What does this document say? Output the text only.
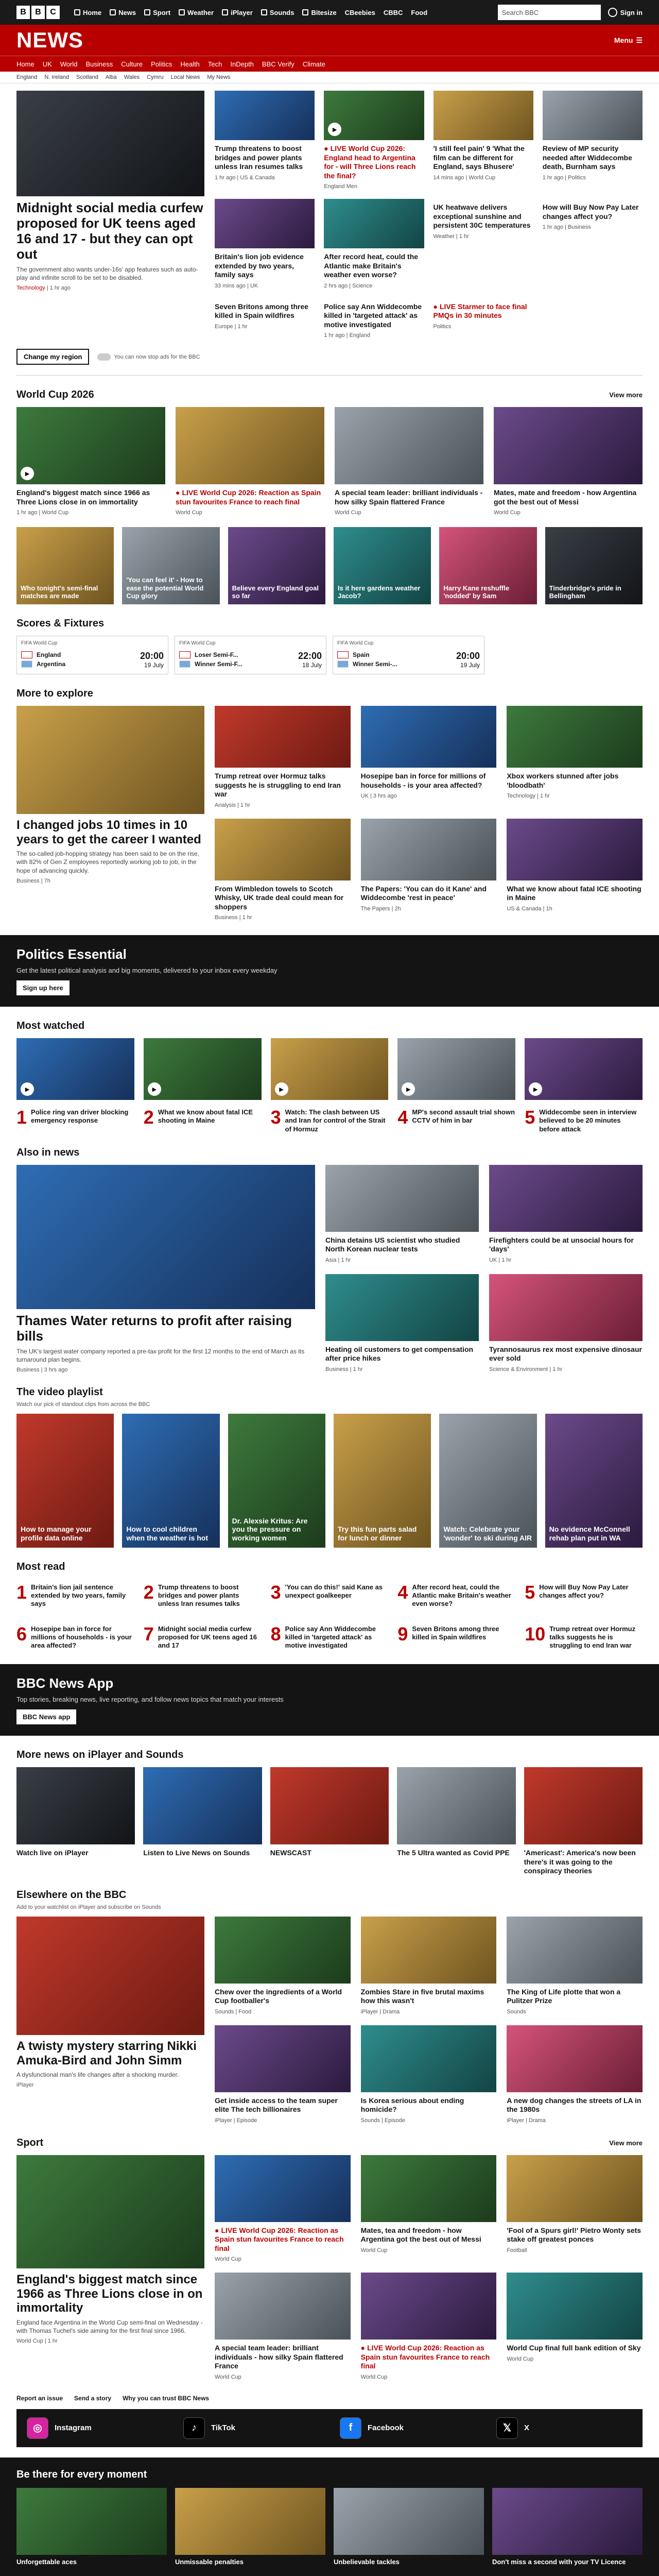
B	B	C	Home	News	Sport	Weather	iPlayer	Sounds	Bitesize CBeebies CBBC Food	Search BBC	Sign in
NEWS	Menu ☰
Home UK World Business Culture Politics Health Tech InDepth BBC Verify Climate
England N. Ireland Scotland Alba Wales Cymru Local News My News
Midnight social media curfew proposed for UK teens aged 16 and 17 - but they can opt out

The government also wants under-16s' app features such as auto-play and infinite scroll to be set to be disabled.

Technology | 1 hr ago

Trump threatens to boost bridges and power plants unless Iran resumes talks

1 hr ago | US & Canada

▶
● LIVE World Cup 2026: England head to Argentina for - will Three Lions reach the final?

England Men

'I still feel pain' 9 'What the film can be different for England, says Bhusere'

14 mins ago | World Cup

Review of MP security needed after Widdecombe death, Burnham says

1 hr ago | Politics

Britain's lion job evidence extended by two years, family says

33 mins ago | UK

After record heat, could the Atlantic make Britain's weather even worse?

2 hrs ago | Science

UK heatwave delivers exceptional sunshine and persistent 30C temperatures

Weather | 1 hr

How will Buy Now Pay Later changes affect you?

1 hr ago | Business

Seven Britons among three killed in Spain wildfires

Europe | 1 hr

Police say Ann Widdecombe killed in 'targeted attack' as motive investigated

1 hr ago | England

● LIVE Starmer to face final PMQs in 30 minutes

Politics

Change my region	You can now stop ads for the BBC
World Cup 2026	View more
▶
England's biggest match since 1966 as Three Lions close in on immortality

1 hr ago | World Cup

● LIVE World Cup 2026: Reaction as Spain stun favourites France to reach final

World Cup

A special team leader: brilliant individuals - how silky Spain flattered France

World Cup

Mates, mate and freedom - how Argentina got the best out of Messi

World Cup

Who tonight's semi-final matches are made
'You can feel it' - How to ease the potential World Cup glory
Believe every England goal so far
Is it here gardens weather Jacob?
Harry Kane reshuffle 'nodded' by Sam
Tinderbridge's pride in Bellingham
Scores & Fixtures
FIFA World Cup
England
Argentina
20:00
19 July
FIFA World Cup
Loser Semi-F...
Winner Semi-F...
22:00
18 July
FIFA World Cup
Spain
Winner Semi-...
20:00
19 July
More to explore
I changed jobs 10 times in 10 years to get the career I wanted

The so-called job-hopping strategy has been said to be on the rise, with 82% of Gen Z employees reportedly working job to job, in the hope of advancing quickly.

Business | 7h

Trump retreat over Hormuz talks suggests he is struggling to end Iran war

Analysis | 1 hr

Hosepipe ban in force for millions of households - is your area affected?

UK | 3 hrs ago

Xbox workers stunned after jobs 'bloodbath'

Technology | 1 hr

From Wimbledon towels to Scotch Whisky, UK trade deal could mean for shoppers

Business | 1 hr

The Papers: 'You can do it Kane' and Widdecombe 'rest in peace'

The Papers | 2h

What we know about fatal ICE shooting in Maine

US & Canada | 1h

Politics Essential
Get the latest political analysis and big moments, delivered to your inbox every weekday
Sign up here
Most watched
▶
1 Police ring van driver blocking emergency response
▶
2 What we know about fatal ICE shooting in Maine
▶
3 Watch: The clash between US and Iran for control of the Strait of Hormuz
▶
4 MP's second assault trial shown CCTV of him in bar
▶
5 Widdecombe seen in interview believed to be 20 minutes before attack
Also in news
Thames Water returns to profit after raising bills

The UK's largest water company reported a pre-tax profit for the first 12 months to the end of March as its turnaround plan begins.

Business | 3 hrs ago

China detains US scientist who studied North Korean nuclear tests

Asia | 1 hr

Firefighters could be at unsocial hours for 'days'

UK | 1 hr

Heating oil customers to get compensation after price hikes

Business | 1 hr

Tyrannosaurus rex most expensive dinosaur ever sold

Science & Environment | 1 hr

The video playlist
Watch our pick of standout clips from across the BBC
How to manage your profile data online
How to cool children when the weather is hot
Dr. Alexsie Kritus: Are you the pressure on working women
Try this fun parts salad for lunch or dinner
Watch: Celebrate your 'wonder' to ski during AIR
No evidence McConnell rehab plan put in WA
Most read
1 Britain's lion jail sentence extended by two years, family says
2 Trump threatens to boost bridges and power plants unless Iran resumes talks
3 'You can do this!' said Kane as unexpect goalkeeper	4 After record heat, could the Atlantic make Britain's weather even worse?
5 How will Buy Now Pay Later changes affect you?
6 Hosepipe ban in force for millions of households - is your area affected?
7 Midnight social media curfew proposed for UK teens aged 16 and 17
8 Police say Ann Widdecombe killed in 'targeted attack' as motive investigated
9 Seven Britons among three killed in Spain wildfires	10 Trump retreat over Hormuz talks suggests he is struggling to end Iran war
BBC News App
Top stories, breaking news, live reporting, and follow news topics that match your interests
BBC News app
More news on iPlayer and Sounds
Watch live on iPlayer	Listen to Live News on Sounds	NEWSCAST	The 5 Ultra wanted as Covid PPE	'Americast': America's now been there's it was going to the conspiracy theories
Elsewhere on the BBC
Add to your watchlist on iPlayer and subscribe on Sounds
A twisty mystery starring Nikki Amuka-Bird and John Simm

A dysfunctional man's life changes after a shocking murder.

iPlayer

Chew over the ingredients of a World Cup footballer's

Sounds | Food

Zombies Stare in five brutal maxims how this wasn't

iPlayer | Drama

The King of Life plotte that won a Pulitzer Prize

Sounds

Get inside access to the team super elite The tech billionaires

iPlayer | Episode

Is Korea serious about ending homicide?

Sounds | Episode

A new dog changes the streets of LA in the 1980s

iPlayer | Drama

Sport	View more
England's biggest match since 1966 as Three Lions close in on immortality

England face Argentina in the World Cup semi-final on Wednesday - with Thomas Tuchel's side aiming for the first final since 1966.

World Cup | 1 hr

● LIVE World Cup 2026: Reaction as Spain stun favourites France to reach final

World Cup

Mates, tea and freedom - how Argentina got the best out of Messi

World Cup

'Fool of a Spurs girl!' Pietro Wonty sets stake off greatest ponces

Football

A special team leader: brilliant individuals - how silky Spain flattered France

World Cup

● LIVE World Cup 2026: Reaction as Spain stun favourites France to reach final

World Cup

World Cup final full bank edition of Sky

World Cup

Report an issue Send a story Why you can trust BBC News
◎	Instagram	♪	TikTok	f	Facebook	𝕏	X
Be there for every moment
Unforgettable aces	Unmissable penalties	Unbelievable tackles	Don't miss a second with your TV Licence
